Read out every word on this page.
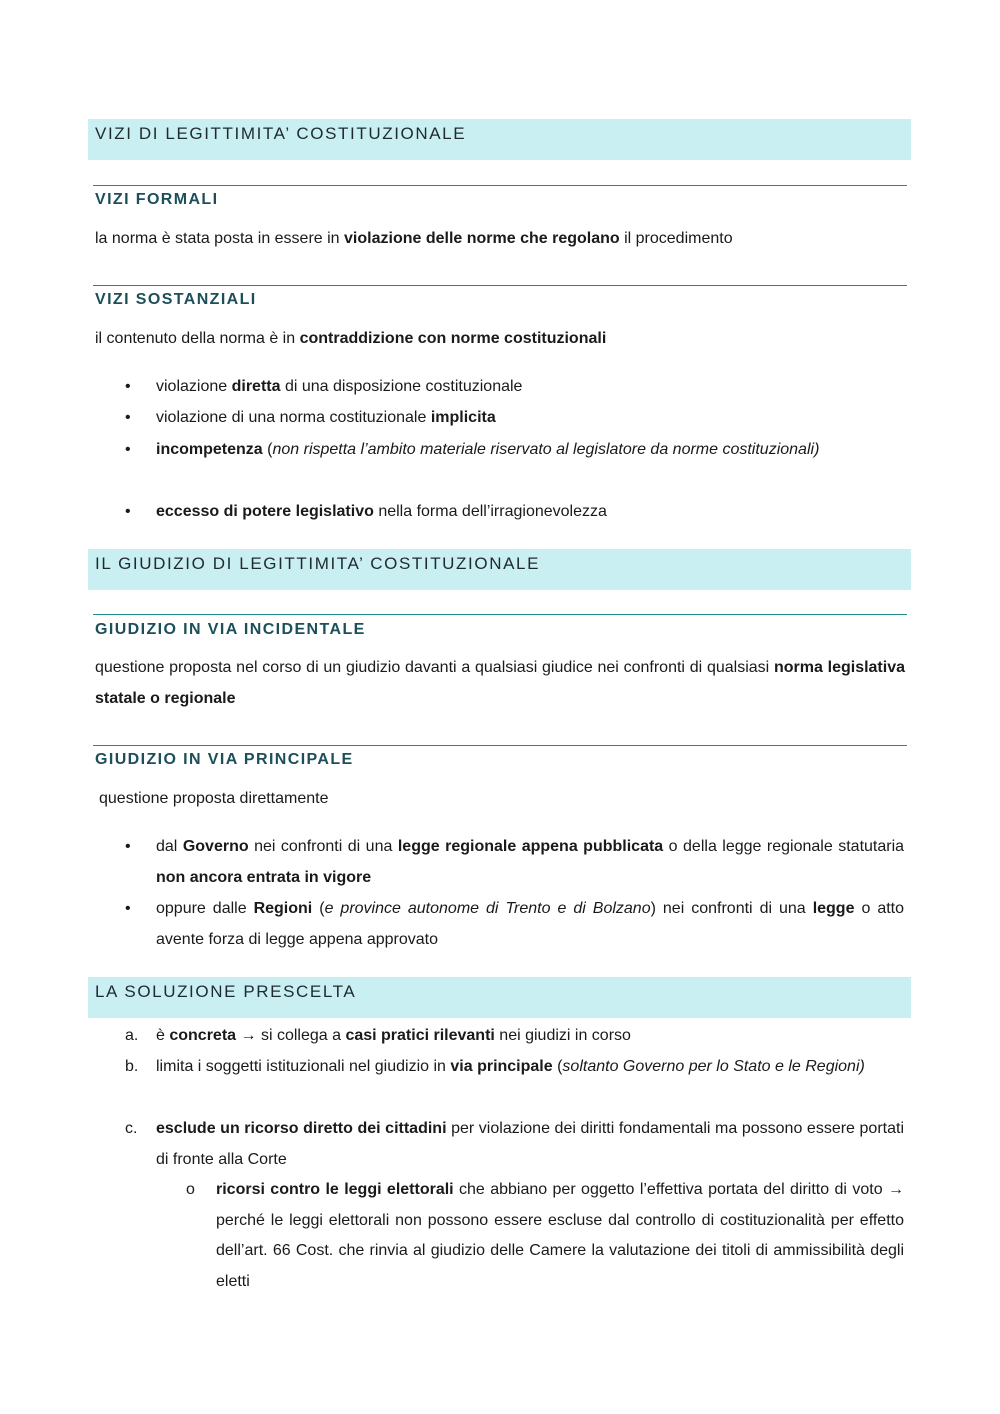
VIZI DI LEGITTIMITA’ COSTITUZIONALE
VIZI FORMALI
la norma è stata posta in essere in violazione delle norme che regolano il procedimento
VIZI SOSTANZIALI
il contenuto della norma è in contraddizione con norme costituzionali
• violazione diretta di una disposizione costituzionale
• violazione di una norma costituzionale implicita
• incompetenza (non rispetta l’ambito materiale riservato al legislatore da norme costituzionali)
• eccesso di potere legislativo nella forma dell’irragionevolezza
IL GIUDIZIO DI LEGITTIMITA’ COSTITUZIONALE
GIUDIZIO IN VIA INCIDENTALE
questione proposta nel corso di un giudizio davanti a qualsiasi giudice nei confronti di qualsiasi norma legislativa statale o regionale
GIUDIZIO IN VIA PRINCIPALE
questione proposta direttamente
• dal Governo nei confronti di una legge regionale appena pubblicata o della legge regionale statutaria non ancora entrata in vigore
• oppure dalle Regioni (e province autonome di Trento e di Bolzano) nei confronti di una legge o atto avente forza di legge appena approvato
LA SOLUZIONE PRESCELTA
a. è concreta → si collega a casi pratici rilevanti nei giudizi in corso
b. limita i soggetti istituzionali nel giudizio in via principale (soltanto Governo per lo Stato e le Regioni)
c. esclude un ricorso diretto dei cittadini per violazione dei diritti fondamentali ma possono essere portati di fronte alla Corte
o ricorsi contro le leggi elettorali che abbiano per oggetto l’effettiva portata del diritto di voto → perché le leggi elettorali non possono essere escluse dal controllo di costituzionalità per effetto dell’art. 66 Cost. che rinvia al giudizio delle Camere la valutazione dei titoli di ammissibilità degli eletti
